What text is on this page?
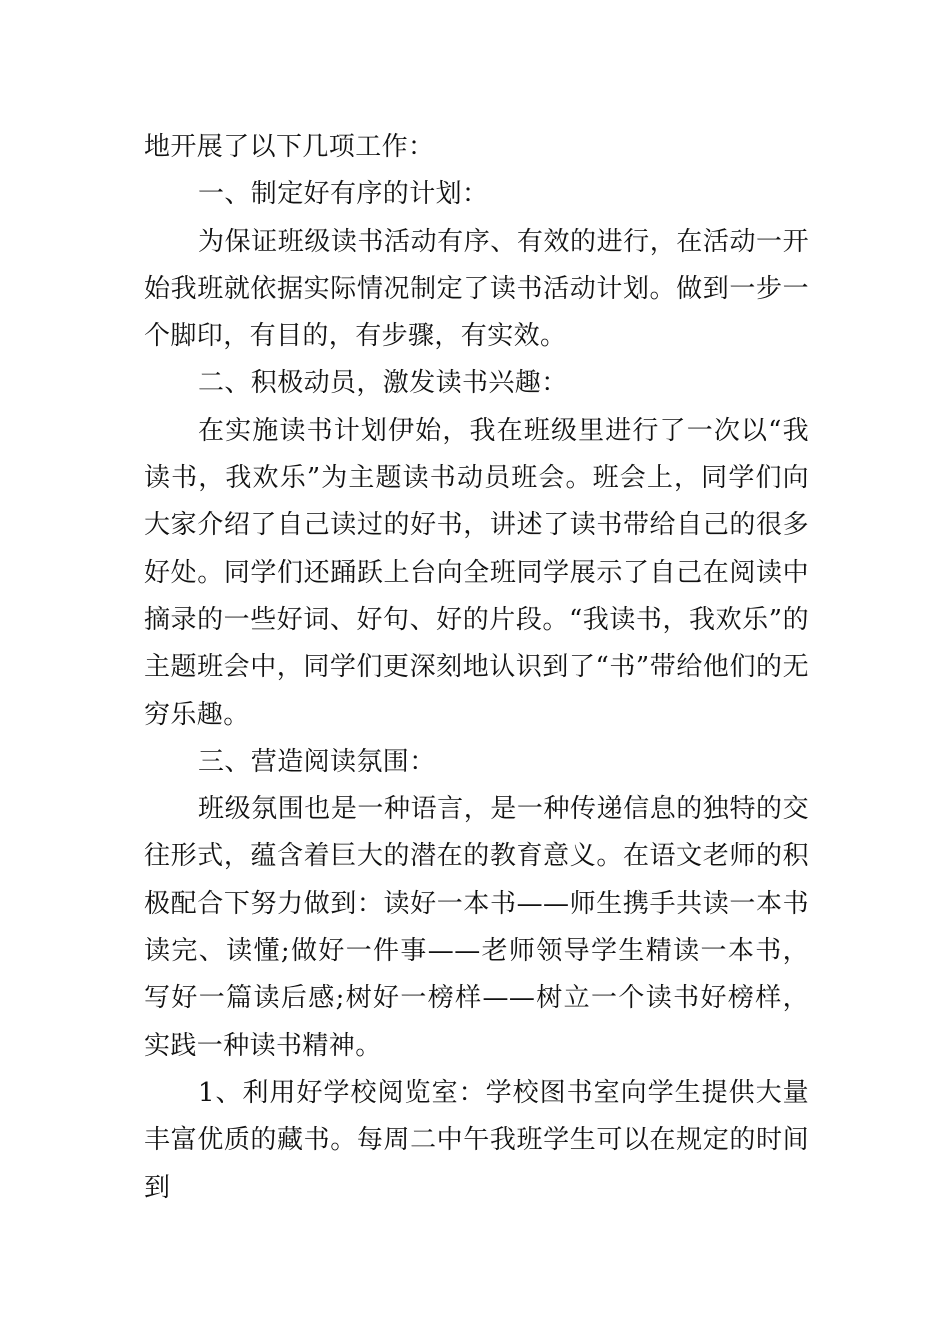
地开展了以下几项工作：

一、制定好有序的计划：

为保证班级读书活动有序、有效的进行，在活动一开始我班就依据实际情况制定了读书活动计划。做到一步一个脚印，有目的，有步骤，有实效。

二、积极动员，激发读书兴趣：

在实施读书计划伊始，我在班级里进行了一次以“我读书，我欢乐”为主题读书动员班会。班会上，同学们向大家介绍了自己读过的好书，讲述了读书带给自己的很多好处。同学们还踊跃上台向全班同学展示了自己在阅读中摘录的一些好词、好句、好的片段。“我读书，我欢乐”的主题班会中，同学们更深刻地认识到了“书”带给他们的无穷乐趣。

三、营造阅读氛围：

班级氛围也是一种语言，是一种传递信息的独特的交往形式，蕴含着巨大的潜在的教育意义。在语文老师的积极配合下努力做到：读好一本书——师生携手共读一本书读完、读懂;做好一件事——老师领导学生精读一本书，写好一篇读后感;树好一榜样——树立一个读书好榜样，实践一种读书精神。

1、利用好学校阅览室：学校图书室向学生提供大量丰富优质的藏书。每周二中午我班学生可以在规定的时间到
